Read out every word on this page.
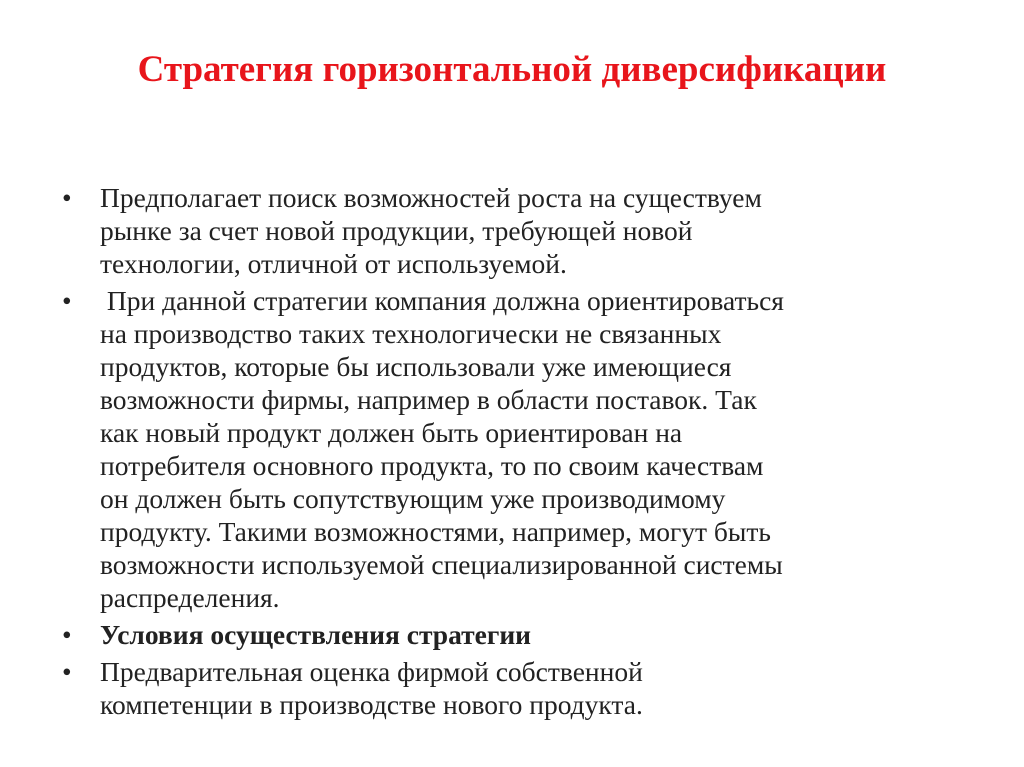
Стратегия горизонтальной диверсификации
•	Предполагает поиск возможностей роста на существуем
рынке за счет новой продукции, требующей новой
технологии, отличной от используемой.
•	При данной стратегии компания должна ориентироваться
на производство таких технологически не связанных
продуктов, которые бы использовали уже имеющиеся
возможности фирмы, например в области поставок. Так
как новый продукт должен быть ориентирован на
потребителя основного продукта, то по своим качествам
он должен быть сопутствующим уже производимому
продукту. Такими возможностями, например, могут быть
возможности используемой специализированной системы
распределения.
•	Условия осуществления стратегии
•	Предварительная оценка фирмой собственной
компетенции в производстве нового продукта.
